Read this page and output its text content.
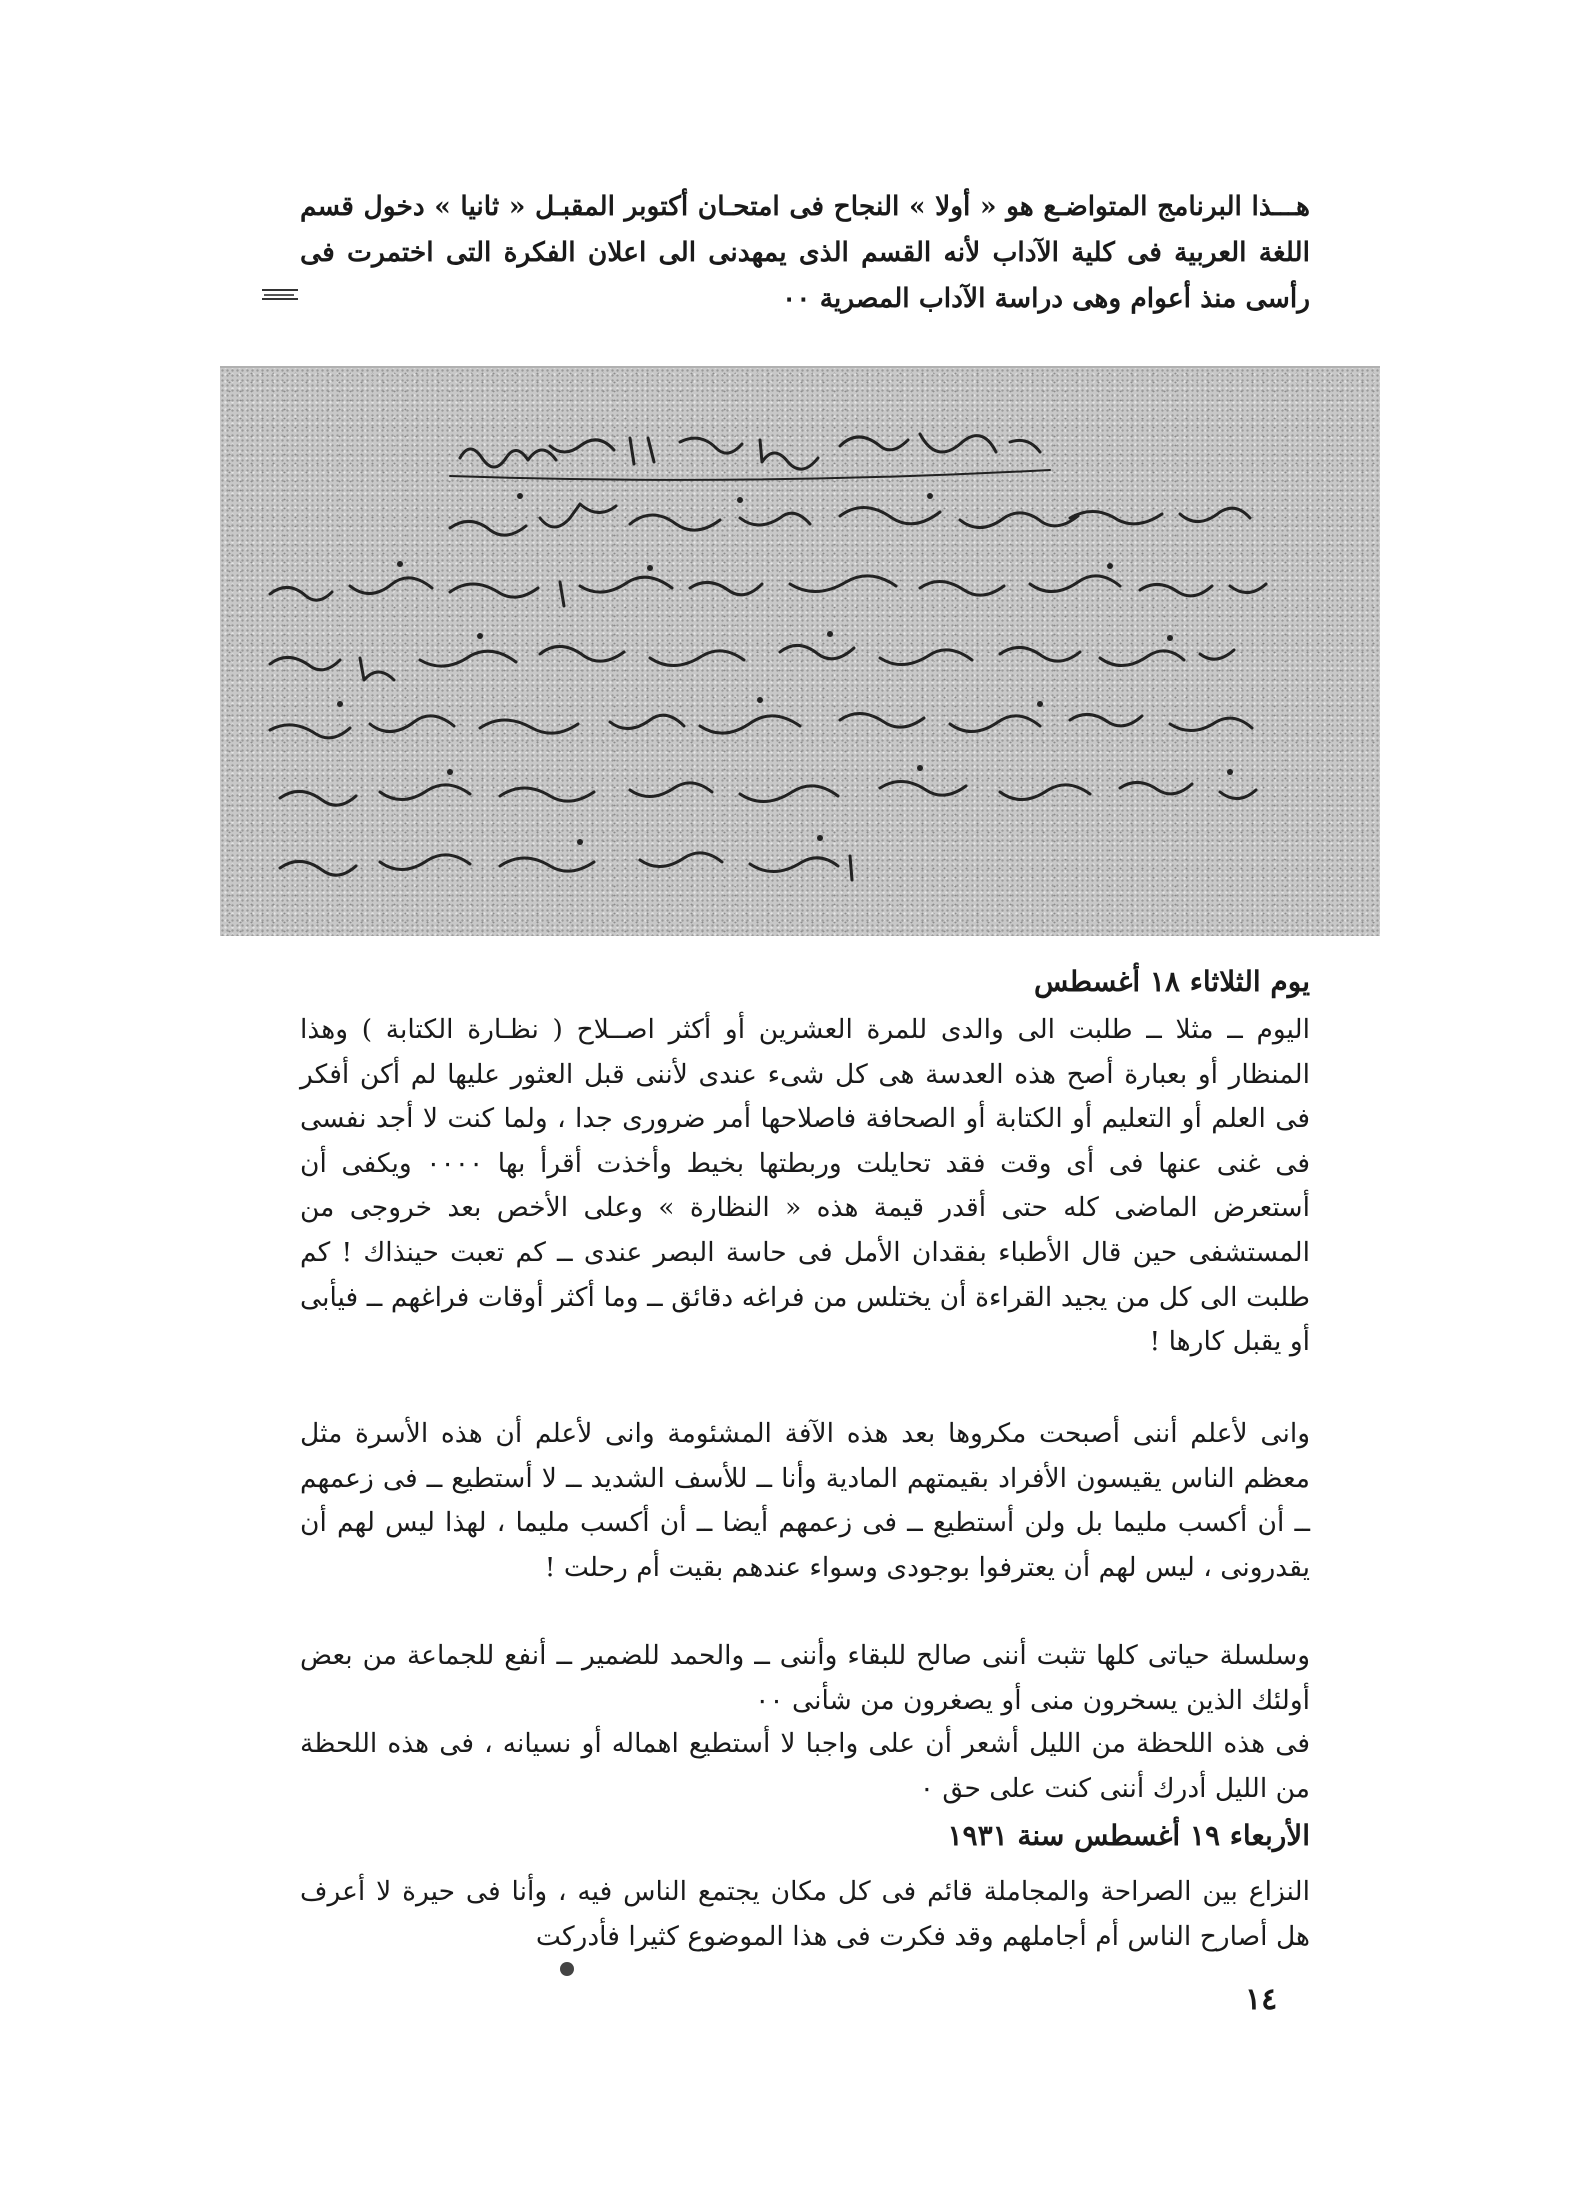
هـــذا البرنامج المتواضـع هو « أولا » النجاح فى امتحـان أكتوبر المقبـل « ثانيا » دخول قسم اللغة العربية فى كلية الآداب لأنه القسم الذى يمهدنى الى اعلان الفكرة التى اختمرت فى رأسى منذ أعوام وهى دراسة الآداب المصرية ٠٠

يوم الثلاثاء ١٨ أغسطس

اليوم ــ مثلا ــ طلبت الى والدى للمرة العشرين أو أكثر اصــلاح ( نظـارة الكتابة ) وهذا المنظار أو بعبارة أصح هذه العدسة هى كل شىء عندى لأننى قبل العثور عليها لم أكن أفكر فى العلم أو التعليم أو الكتابة أو الصحافة فاصلاحها أمر ضرورى جدا ، ولما كنت لا أجد نفسى فى غنى عنها فى أى وقت فقد تحايلت وربطتها بخيط وأخذت أقرأ بها ٠٠٠٠ ويكفى أن أستعرض الماضى كله حتى أقدر قيمة هذه « النظارة » وعلى الأخص بعد خروجى من المستشفى حين قال الأطباء بفقدان الأمل فى حاسة البصر عندى ــ كم تعبت حينذاك ! كم طلبت الى كل من يجيد القراءة أن يختلس من فراغه دقائق ــ وما أكثر أوقات فراغهم ــ فيأبى أو يقبل كارها !

وانى لأعلم أننى أصبحت مكروها بعد هذه الآفة المشئومة وانى لأعلم أن هذه الأسرة مثل معظم الناس يقيسون الأفراد بقيمتهم المادية وأنا ــ للأسف الشديد ــ لا أستطيع ــ فى زعمهم ــ أن أكسب مليما بل ولن أستطيع ــ فى زعمهم أيضا ــ أن أكسب مليما ، لهذا ليس لهم أن يقدرونى ، ليس لهم أن يعترفوا بوجودى وسواء عندهم بقيت أم رحلت !

وسلسلة حياتى كلها تثبت أننى صالح للبقاء وأننى ــ والحمد للضمير ــ أنفع للجماعة من بعض أولئك الذين يسخرون منى أو يصغرون من شأنى ٠٠

فى هذه اللحظة من الليل أشعر أن على واجبا لا أستطيع اهماله أو نسيانه ، فى هذه اللحظة من الليل أدرك أننى كنت على حق ٠

الأربعاء ١٩ أغسطس سنة ١٩٣١

النزاع بين الصراحة والمجاملة قائم فى كل مكان يجتمع الناس فيه ، وأنا فى حيرة لا أعرف هل أصارح الناس أم أجاملهم وقد فكرت فى هذا الموضوع كثيرا فأدركت

١٤
